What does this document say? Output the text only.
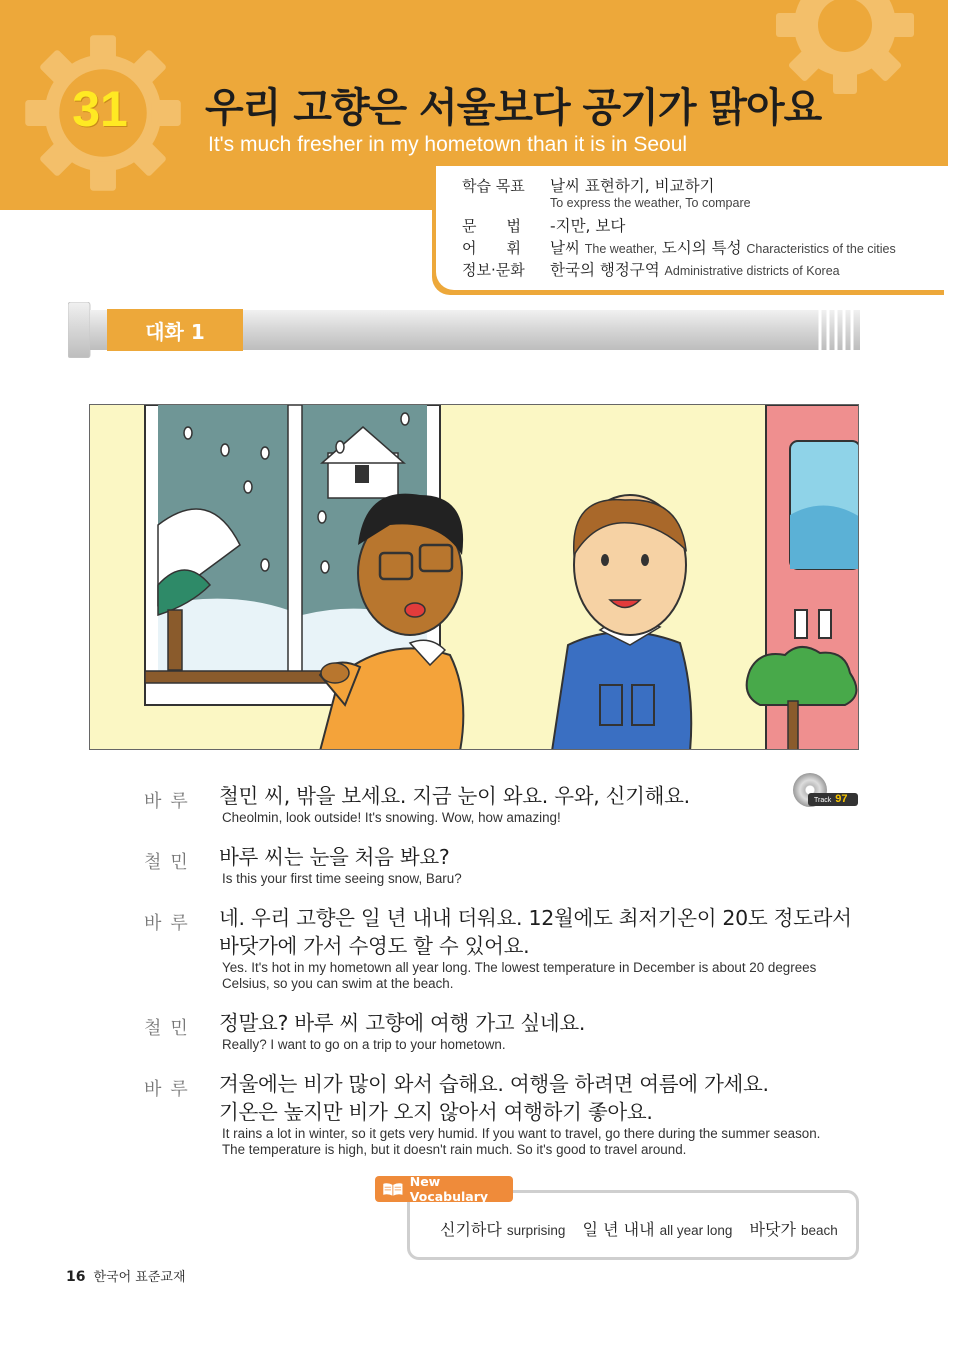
31	우리 고향은 서울보다 공기가 맑아요
It's much fresher in my hometown than it is in Seoul
학습 목표 날씨 표현하기, 비교하기
To express the weather, To compare
문　　법 -지만, 보다
어　　휘 날씨 The weather, 도시의 특성 Characteristics of the cities
정보·문화 한국의 행정구역 Administrative districts of Korea
대화 1
Track 97
바루 철민 씨, 밖을 보세요. 지금 눈이 와요. 우와, 신기해요.
Cheolmin, look outside! It's snowing. Wow, how amazing!
철민 바루 씨는 눈을 처음 봐요?
Is this your first time seeing snow, Baru?
바루 네. 우리 고향은 일 년 내내 더워요. 12월에도 최저기온이 20도 정도라서
바닷가에 가서 수영도 할 수 있어요.
Yes. It's hot in my hometown all year long. The lowest temperature in December is about 20 degrees
Celsius, so you can swim at the beach.
철민 정말요? 바루 씨 고향에 여행 가고 싶네요.
Really? I want to go on a trip to your hometown.
바루 겨울에는 비가 많이 와서 습해요. 여행을 하려면 여름에 가세요.
기온은 높지만 비가 오지 않아서 여행하기 좋아요.
It rains a lot in winter, so it gets very humid. If you want to travel, go there during the summer season.
The temperature is high, but it doesn't rain much. So it's good to travel around.
신기하다 surprising 일 년 내내 all year long 바닷가 beach
New Vocabulary
16 한국어 표준교재
